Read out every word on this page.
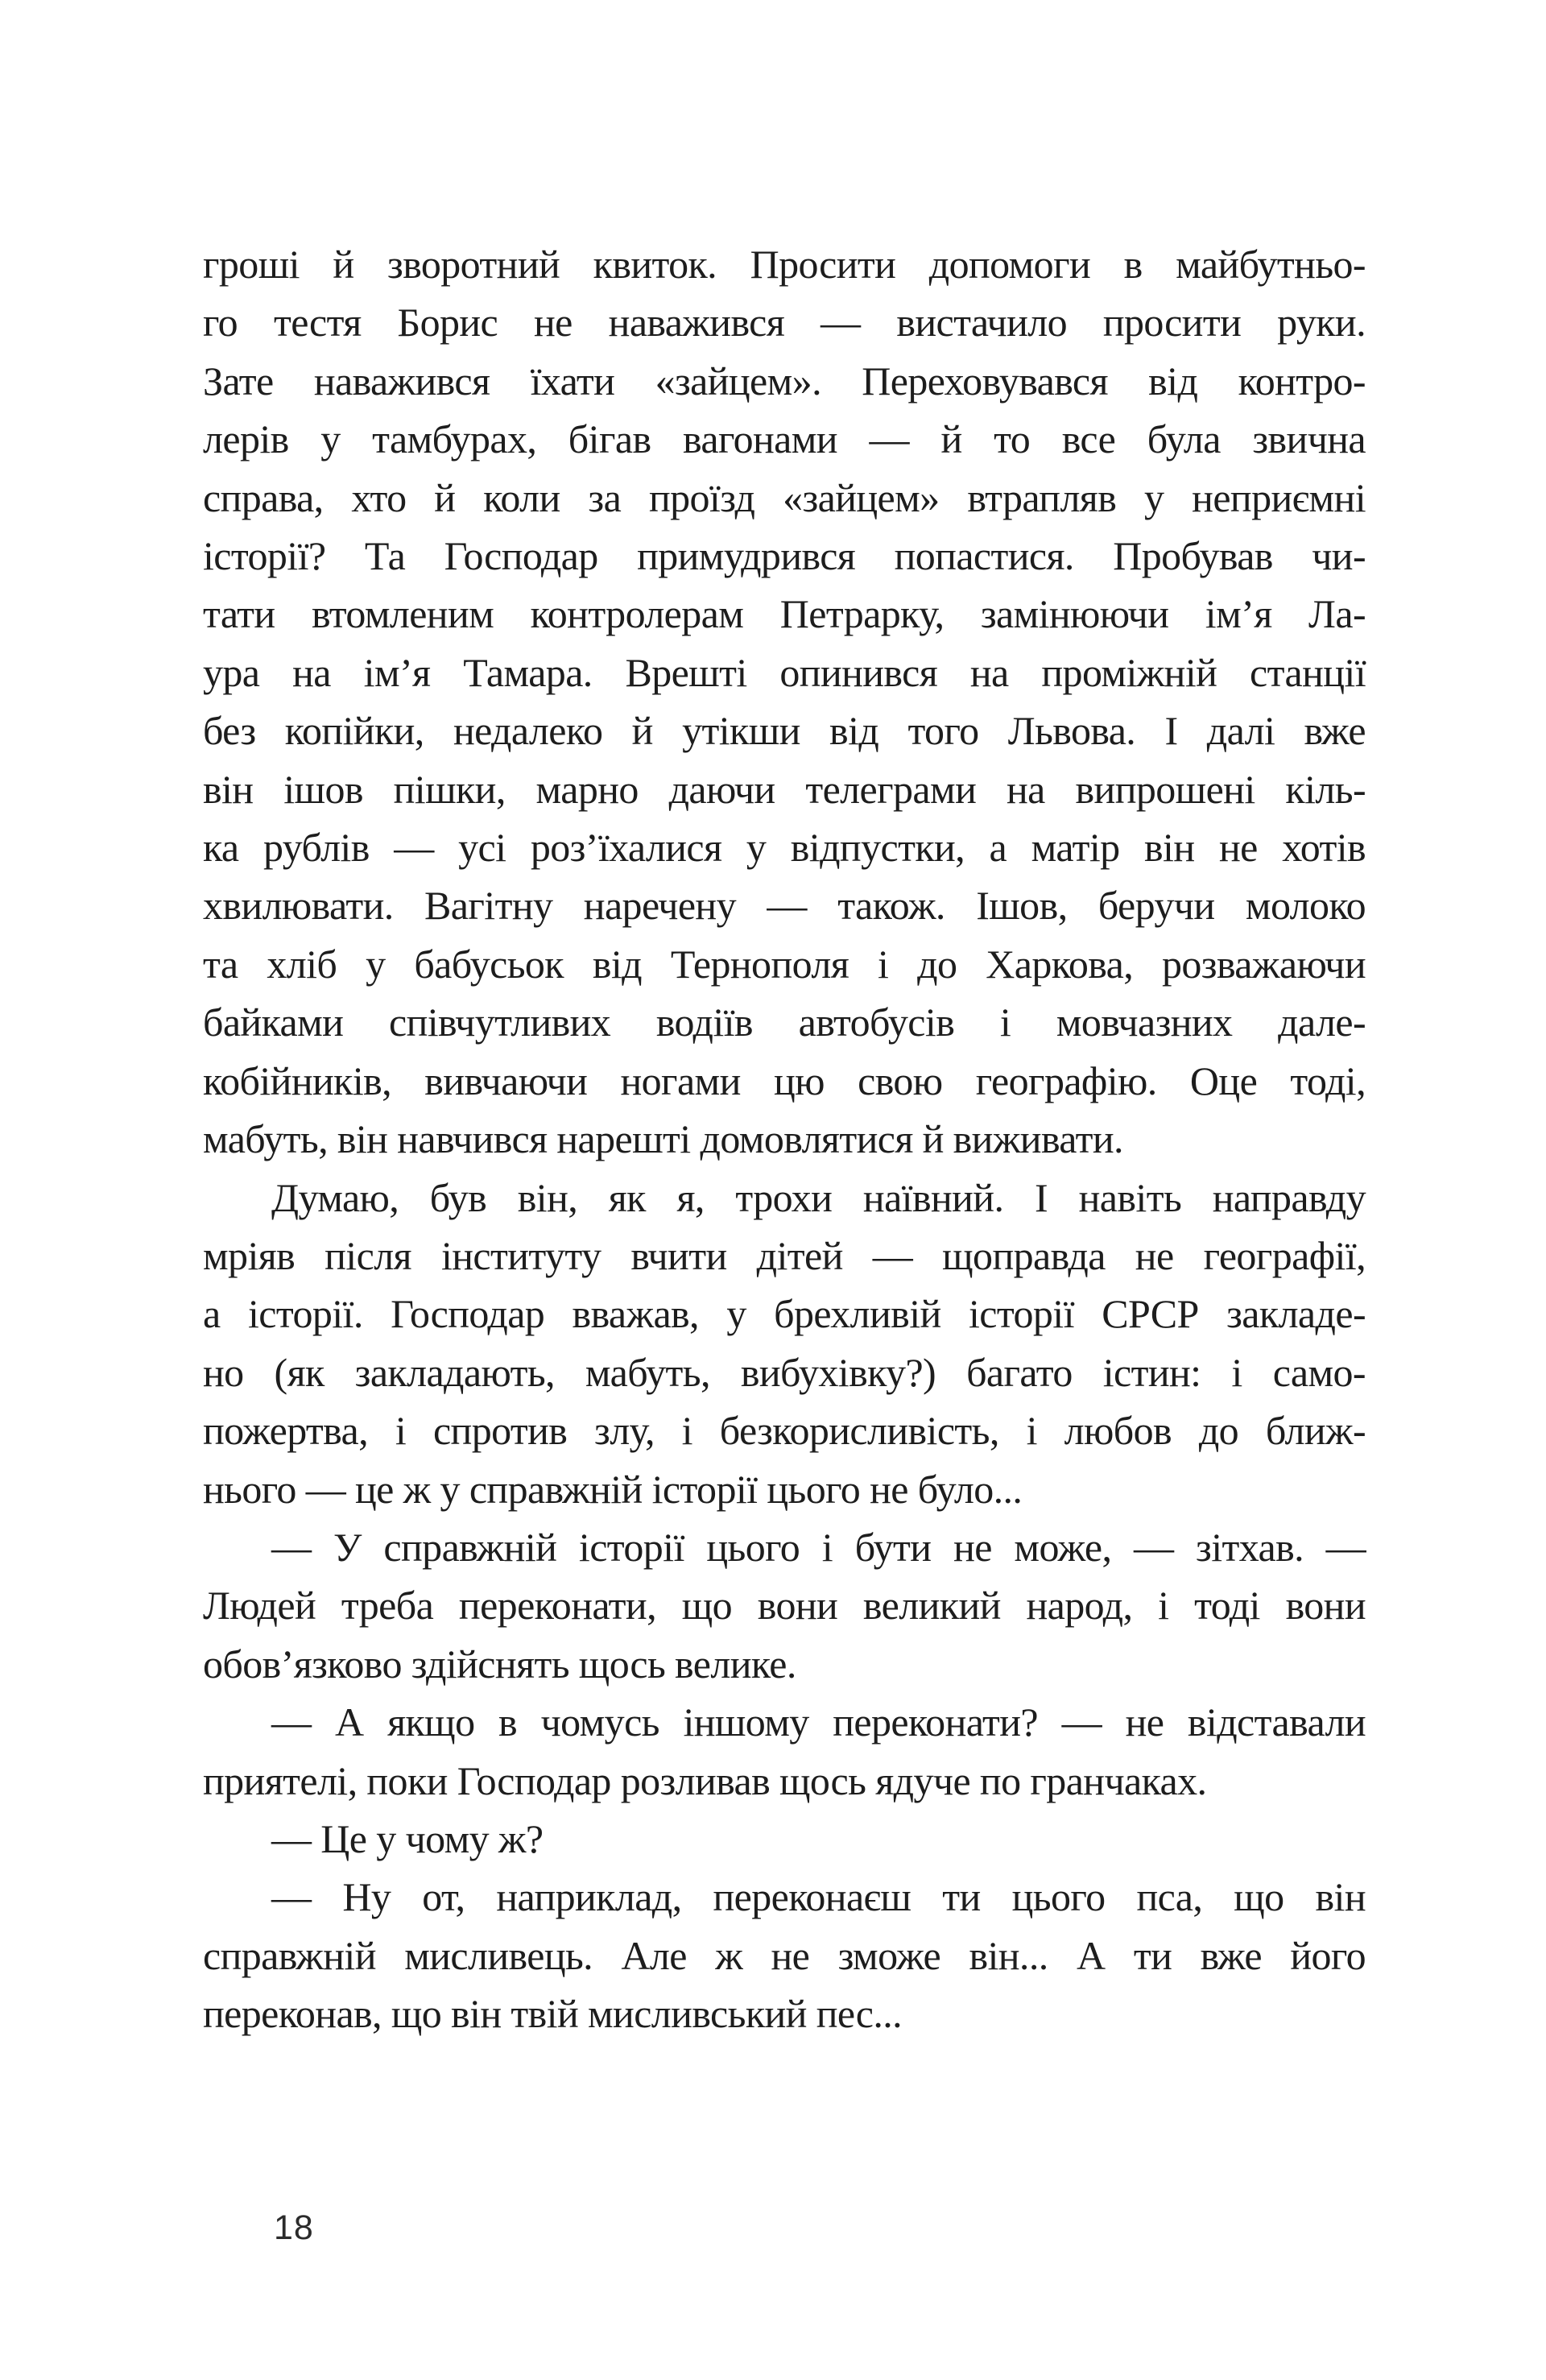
гроші й зворотний квиток. Просити допомоги в майбутньо-
го тестя Борис не наважився — вистачило просити руки.
Зате наважився їхати «зайцем». Переховувався від контро-
лерів у тамбурах, бігав вагонами — й то все була звична
справа, хто й коли за проїзд «зайцем» втрапляв у неприємні
історії? Та Господар примудрився попастися. Пробував чи-
тати втомленим контролерам Петрарку, замінюючи ім’я Ла-
ура на ім’я Тамара. Врешті опинився на проміжній станції
без копійки, недалеко й утікши від того Львова. І далі вже
він ішов пішки, марно даючи телеграми на випрошені кіль-
ка рублів — усі роз’їхалися у відпустки, а матір він не хотів
хвилювати. Вагітну наречену — також. Ішов, беручи молоко
та хліб у бабусьок від Тернополя і до Харкова, розважаючи
байками співчутливих водіїв автобусів і мовчазних дале-
кобійників, вивчаючи ногами цю свою географію. Оце тоді,
мабуть, він навчився нарешті домовлятися й виживати.
Думаю, був він, як я, трохи наївний. І навіть направду
мріяв після інституту вчити дітей — щоправда не географії,
а історії. Господар вважав, у брехливій історії СРСР закладе-
но (як закладають, мабуть, вибухівку?) багато істин: і само-
пожертва, і спротив злу, і безкорисливість, і любов до ближ-
нього — це ж у справжній історії цього не було...
— У справжній історії цього і бути не може, — зітхав. —
Людей треба переконати, що вони великий народ, і тоді вони
обов’язково здійснять щось велике.
— А якщо в чомусь іншому переконати? — не відставали
приятелі, поки Господар розливав щось ядуче по гранчаках.
— Це у чому ж?
— Ну от, наприклад, переконаєш ти цього пса, що він
справжній мисливець. Але ж не зможе він... А ти вже його
переконав, що він твій мисливський пес...
18
